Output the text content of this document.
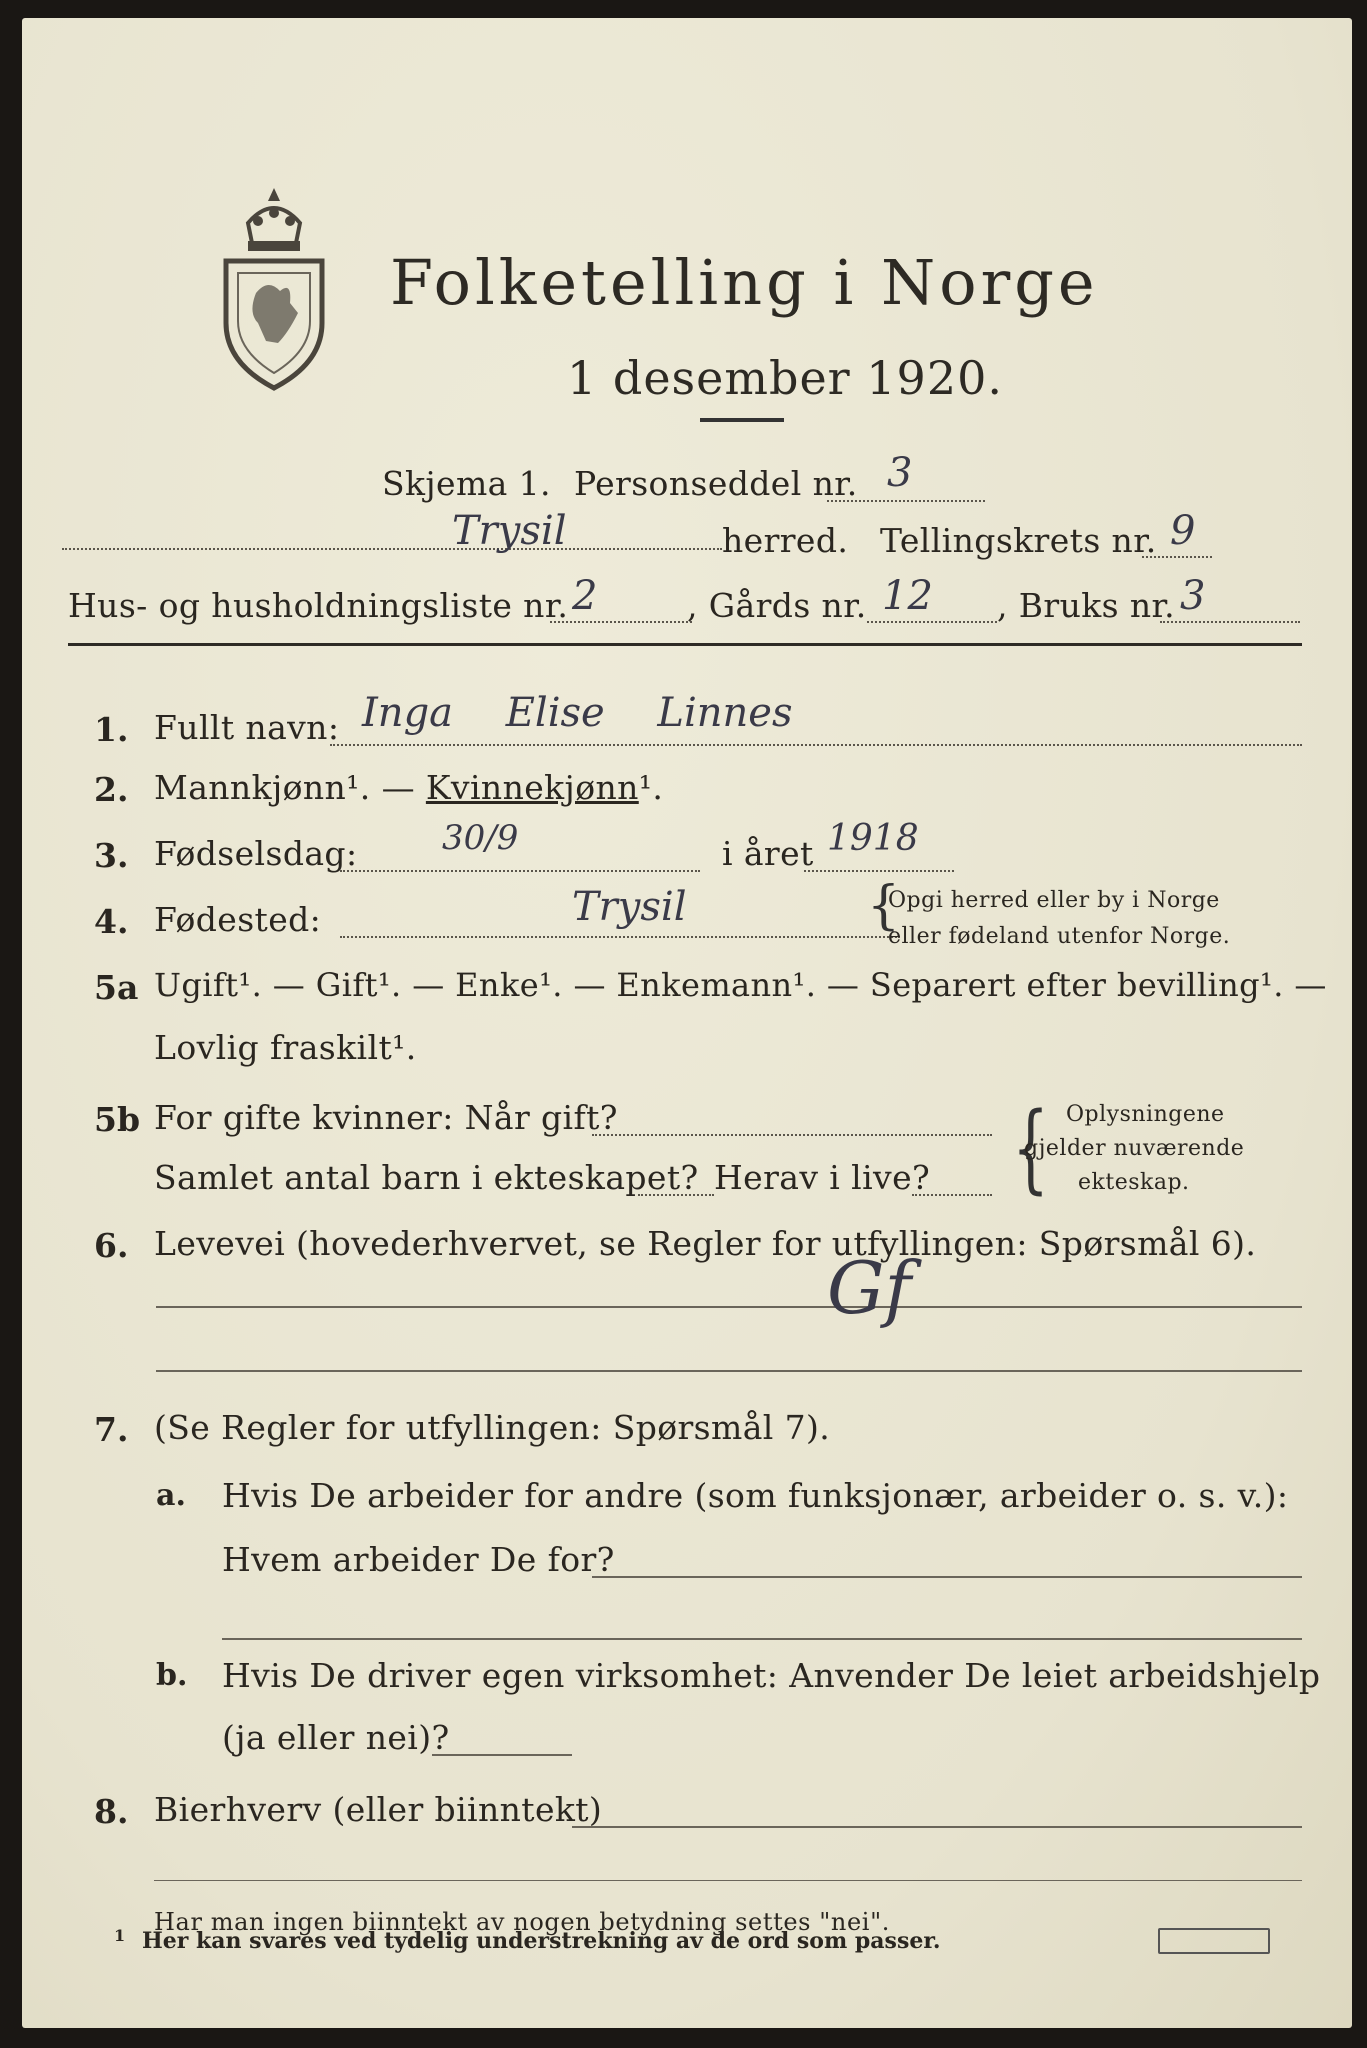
Folketelling i Norge
1 desember 1920.
Skjema 1. Personseddel nr. 3
Trysil	herred. Tellingskrets nr. 9
Hus- og husholdningsliste nr. 2	, Gårds nr. 12 , Bruks nr. 3
1. Fullt navn: Inga Elise Linnes
2. Mannkjønn¹. — Kvinnekjønn¹.
3. Fødselsdag: 30/9	i året 1918
4. Fødested:	Trysil	{
Opgi herred eller by i Norge
eller fødeland utenfor Norge.
5a Ugift¹. — Gift¹. — Enke¹. — Enkemann¹. — Separert efter bevilling¹. —
Lovlig fraskilt¹.
5b For gifte kvinner: Når gift?
Samlet antal barn i ekteskapet? Herav i live? { Oplysningene
gjelder nuværende
ekteskap.
6. Levevei (hovederhvervet, se Regler for utfyllingen: Spørsmål 6).
Gf
7. (Se Regler for utfyllingen: Spørsmål 7).
a. Hvis De arbeider for andre (som funksjonær, arbeider o. s. v.):
Hvem arbeider De for?
b. Hvis De driver egen virksomhet: Anvender De leiet arbeidshjelp
(ja eller nei)?
8. Bierhverv (eller biinntekt)
Har man ingen biinntekt av nogen betydning settes "nei".
1 Her kan svares ved tydelig understrekning av de ord som passer.
